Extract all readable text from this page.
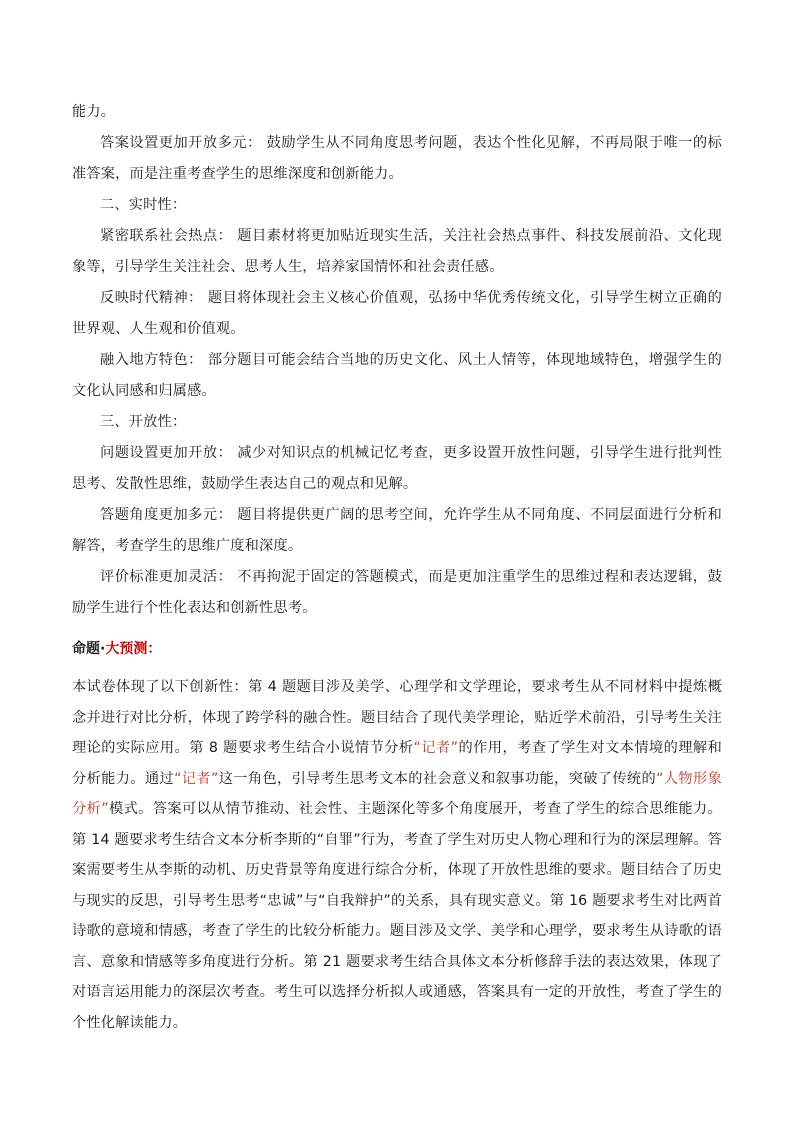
能力。

答案设置更加开放多元： 鼓励学生从不同角度思考问题，表达个性化见解，不再局限于唯一的标准答案，而是注重考查学生的思维深度和创新能力。

二、实时性：

紧密联系社会热点： 题目素材将更加贴近现实生活，关注社会热点事件、科技发展前沿、文化现象等，引导学生关注社会、思考人生，培养家国情怀和社会责任感。

反映时代精神： 题目将体现社会主义核心价值观，弘扬中华优秀传统文化，引导学生树立正确的世界观、人生观和价值观。

融入地方特色： 部分题目可能会结合当地的历史文化、风土人情等，体现地域特色，增强学生的文化认同感和归属感。

三、开放性：

问题设置更加开放： 减少对知识点的机械记忆考查，更多设置开放性问题，引导学生进行批判性思考、发散性思维，鼓励学生表达自己的观点和见解。

答题角度更加多元： 题目将提供更广阔的思考空间，允许学生从不同角度、不同层面进行分析和解答，考查学生的思维广度和深度。

评价标准更加灵活： 不再拘泥于固定的答题模式，而是更加注重学生的思维过程和表达逻辑，鼓励学生进行个性化表达和创新性思考。

命题·大预测：

本试卷体现了以下创新性：第 4 题题目涉及美学、心理学和文学理论，要求考生从不同材料中提炼概念并进行对比分析，体现了跨学科的融合性。题目结合了现代美学理论，贴近学术前沿，引导考生关注理论的实际应用。第 8 题要求考生结合小说情节分析“记者”的作用，考查了学生对文本情境的理解和分析能力。通过“记者”这一角色，引导考生思考文本的社会意义和叙事功能，突破了传统的“人物形象分析”模式。答案可以从情节推动、社会性、主题深化等多个角度展开，考查了学生的综合思维能力。第 14 题要求考生结合文本分析李斯的“自罪”行为，考查了学生对历史人物心理和行为的深层理解。答案需要考生从李斯的动机、历史背景等角度进行综合分析，体现了开放性思维的要求。题目结合了历史与现实的反思，引导考生思考“忠诚”与“自我辩护”的关系，具有现实意义。第 16 题要求考生对比两首诗歌的意境和情感，考查了学生的比较分析能力。题目涉及文学、美学和心理学，要求考生从诗歌的语言、意象和情感等多角度进行分析。第 21 题要求考生结合具体文本分析修辞手法的表达效果，体现了对语言运用能力的深层次考查。考生可以选择分析拟人或通感，答案具有一定的开放性，考查了学生的个性化解读能力。
